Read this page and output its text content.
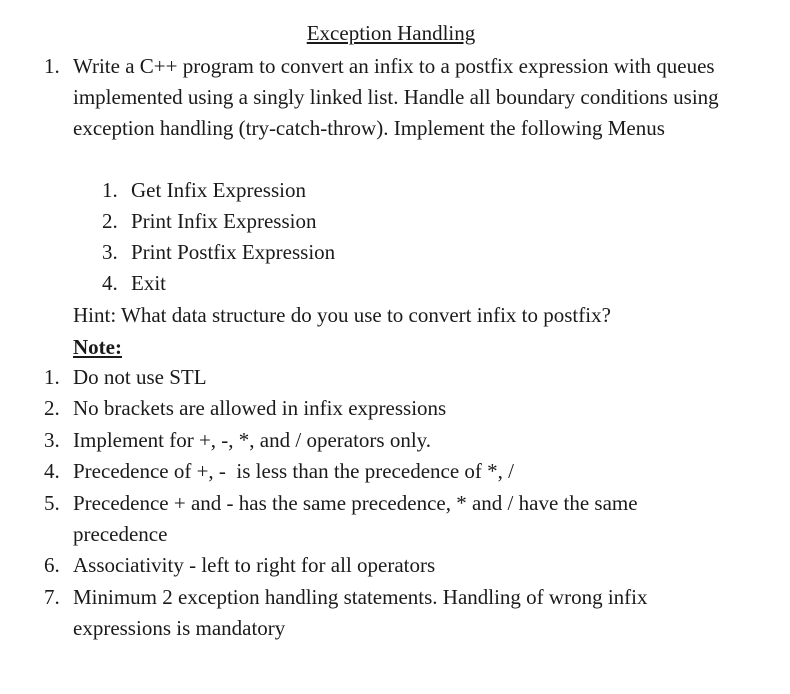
Exception Handling
1. Write a C++ program to convert an infix to a postfix expression with queues
implemented using a singly linked list. Handle all boundary conditions using
exception handling (try-catch-throw). Implement the following Menus
1. Get Infix Expression
2. Print Infix Expression
3. Print Postfix Expression
4. Exit
Hint: What data structure do you use to convert infix to postfix?
Note:
1. Do not use STL
2. No brackets are allowed in infix expressions
3. Implement for +, -, *, and / operators only.
4. Precedence of +, -  is less than the precedence of *, /
5. Precedence + and - has the same precedence, * and / have the same
precedence
6. Associativity - left to right for all operators
7. Minimum 2 exception handling statements. Handling of wrong infix
expressions is mandatory
